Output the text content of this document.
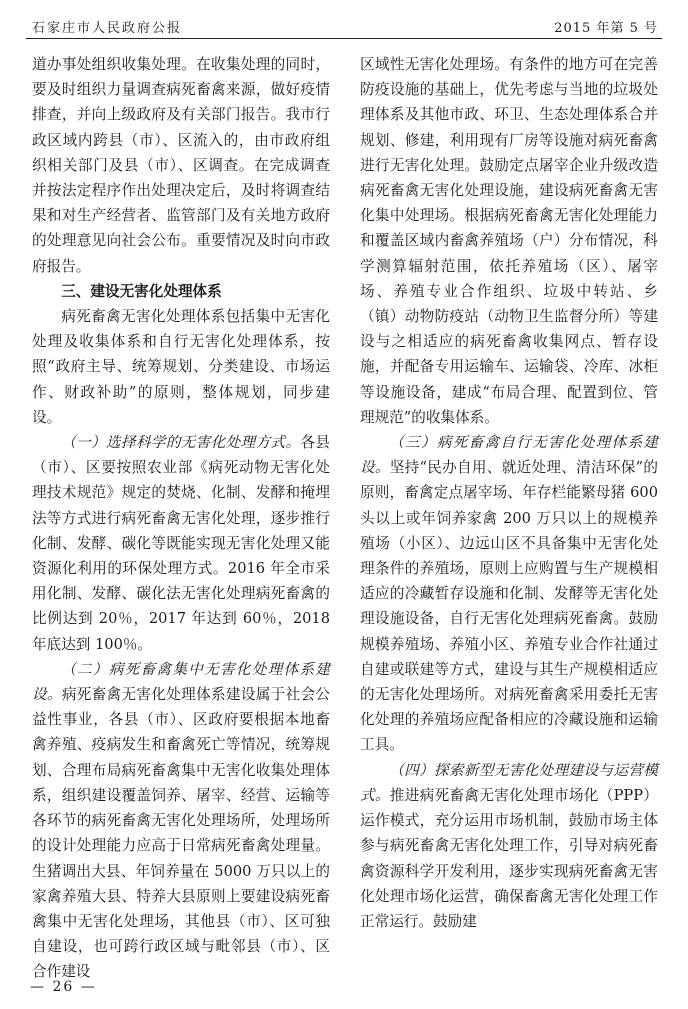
石家庄市人民政府公报	2015 年第 5 号

道办事处组织收集处理。在收集处理的同时，要及时组织力量调查病死畜禽来源，做好疫情排查，并向上级政府及有关部门报告。我市行政区域内跨县（市）、区流入的，由市政府组织相关部门及县（市）、区调查。在完成调查并按法定程序作出处理决定后，及时将调查结果和对生产经营者、监管部门及有关地方政府的处理意见向社会公布。重要情况及时向市政府报告。

三、建设无害化处理体系

病死畜禽无害化处理体系包括集中无害化处理及收集体系和自行无害化处理体系，按照“政府主导、统筹规划、分类建设、市场运作、财政补助”的原则，整体规划，同步建设。

（一）选择科学的无害化处理方式。各县（市）、区要按照农业部《病死动物无害化处理技术规范》规定的焚烧、化制、发酵和掩埋法等方式进行病死畜禽无害化处理，逐步推行化制、发酵、碳化等既能实现无害化处理又能资源化利用的环保处理方式。2016 年全市采用化制、发酵、碳化法无害化处理病死畜禽的比例达到 20％，2017 年达到 60％，2018 年底达到 100％。

（二）病死畜禽集中无害化处理体系建设。病死畜禽无害化处理体系建设属于社会公益性事业，各县（市）、区政府要根据本地畜禽养殖、疫病发生和畜禽死亡等情况，统筹规划、合理布局病死畜禽集中无害化收集处理体系，组织建设覆盖饲养、屠宰、经营、运输等各环节的病死畜禽无害化处理场所，处理场所的设计处理能力应高于日常病死畜禽处理量。生猪调出大县、年饲养量在 5000 万只以上的家禽养殖大县、特养大县原则上要建设病死畜禽集中无害化处理场，其他县（市）、区可独自建设，也可跨行政区域与毗邻县（市）、区合作建设

区域性无害化处理场。有条件的地方可在完善防疫设施的基础上，优先考虑与当地的垃圾处理体系及其他市政、环卫、生态处理体系合并规划、修建，利用现有厂房等设施对病死畜禽进行无害化处理。鼓励定点屠宰企业升级改造病死畜禽无害化处理设施，建设病死畜禽无害化集中处理场。根据病死畜禽无害化处理能力和覆盖区域内畜禽养殖场（户）分布情况，科学测算辐射范围，依托养殖场（区）、屠宰场、养殖专业合作组织、垃圾中转站、乡（镇）动物防疫站（动物卫生监督分所）等建设与之相适应的病死畜禽收集网点、暂存设施，并配备专用运输车、运输袋、冷库、冰柜等设施设备，建成“布局合理、配置到位、管理规范”的收集体系。

（三）病死畜禽自行无害化处理体系建设。坚持“民办自用、就近处理、清洁环保”的原则，畜禽定点屠宰场、年存栏能繁母猪 600 头以上或年饲养家禽 200 万只以上的规模养殖场（小区）、边远山区不具备集中无害化处理条件的养殖场，原则上应购置与生产规模相适应的冷藏暂存设施和化制、发酵等无害化处理设施设备，自行无害化处理病死畜禽。鼓励规模养殖场、养殖小区、养殖专业合作社通过自建或联建等方式，建设与其生产规模相适应的无害化处理场所。对病死畜禽采用委托无害化处理的养殖场应配备相应的冷藏设施和运输工具。

（四）探索新型无害化处理建设与运营模式。推进病死畜禽无害化处理市场化（PPP）运作模式，充分运用市场机制，鼓励市场主体参与病死畜禽无害化处理工作，引导对病死畜禽资源科学开发利用，逐步实现病死畜禽无害化处理市场化运营，确保畜禽无害化处理工作正常运行。鼓励建

— 26 —
